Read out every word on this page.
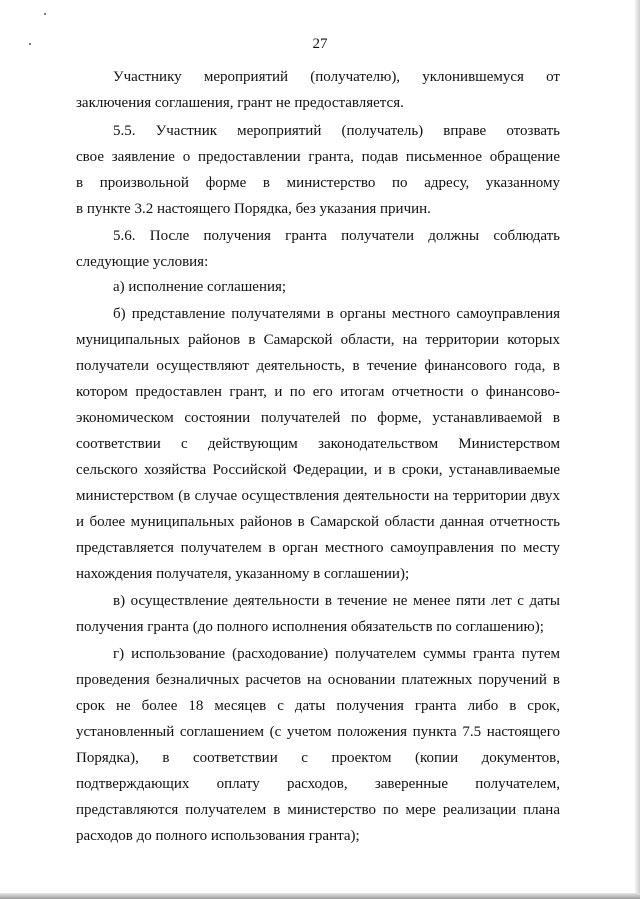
27
Участнику мероприятий (получателю), уклонившемуся от
заключения соглашения, грант не предоставляется.
5.5. Участник мероприятий (получатель) вправе отозвать
свое заявление о предоставлении гранта, подав письменное обращение
в произвольной форме в министерство по адресу, указанному
в пункте 3.2 настоящего Порядка, без указания причин.
5.6. После получения гранта получатели должны соблюдать
следующие условия:
а) исполнение соглашения;
б) представление получателями в органы местного самоуправления
муниципальных районов в Самарской области, на территории которых
получатели осуществляют деятельность, в течение финансового года, в
котором предоставлен грант, и по его итогам отчетности о финансово-
экономическом состоянии получателей по форме, устанавливаемой в
соответствии с действующим законодательством Министерством
сельского хозяйства Российской Федерации, и в сроки, устанавливаемые
министерством (в случае осуществления деятельности на территории двух
и более муниципальных районов в Самарской области данная отчетность
представляется получателем в орган местного самоуправления по месту
нахождения получателя, указанному в соглашении);
в) осуществление деятельности в течение не менее пяти лет с даты
получения гранта (до полного исполнения обязательств по соглашению);
г) использование (расходование) получателем суммы гранта путем
проведения безналичных расчетов на основании платежных поручений в
срок не более 18 месяцев с даты получения гранта либо в срок,
установленный соглашением (с учетом положения пункта 7.5 настоящего
Порядка), в соответствии с проектом (копии документов,
подтверждающих оплату расходов, заверенные получателем,
представляются получателем в министерство по мере реализации плана
расходов до полного использования гранта);
